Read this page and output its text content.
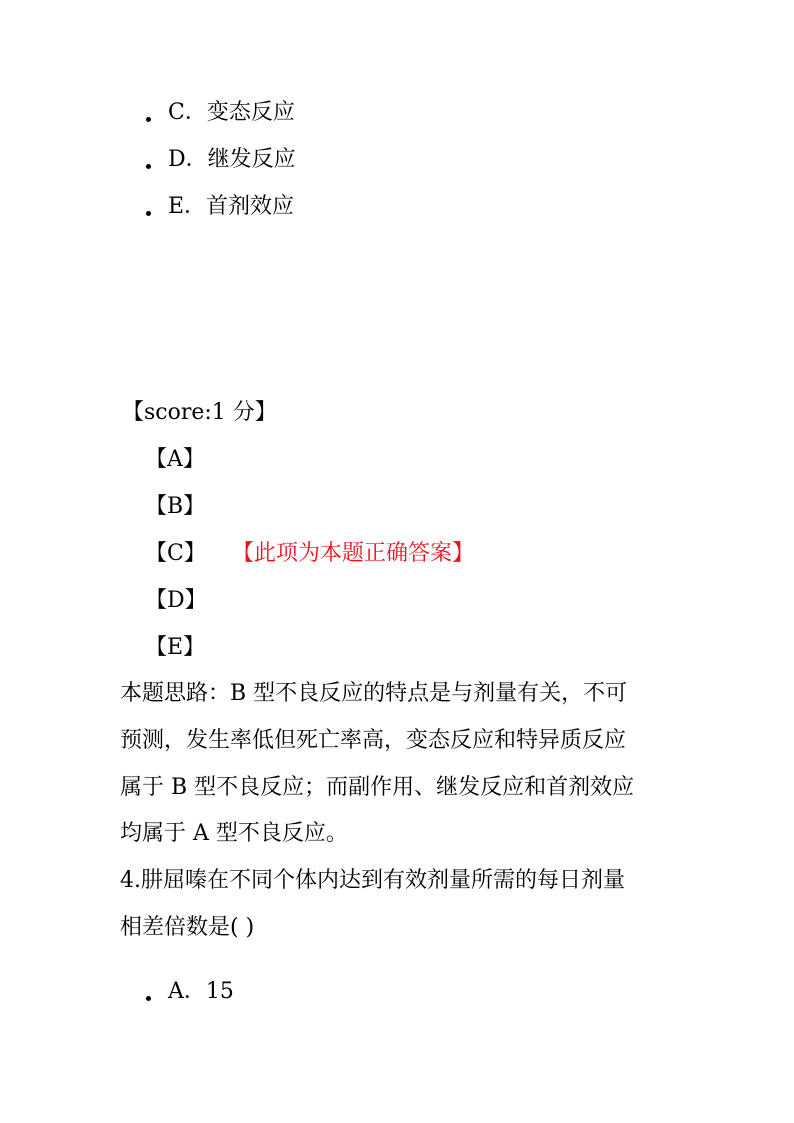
C．变态反应
D．继发反应
E．首剂效应
【score:1 分】
【A】
【B】
【C】 【此项为本题正确答案】
【D】
【E】
本题思路：B 型不良反应的特点是与剂量有关，不可
预测，发生率低但死亡率高，变态反应和特异质反应
属于 B 型不良反应；而副作用、继发反应和首剂效应
均属于 A 型不良反应。
4.肼屈嗪在不同个体内达到有效剂量所需的每日剂量
相差倍数是( )
A．15
